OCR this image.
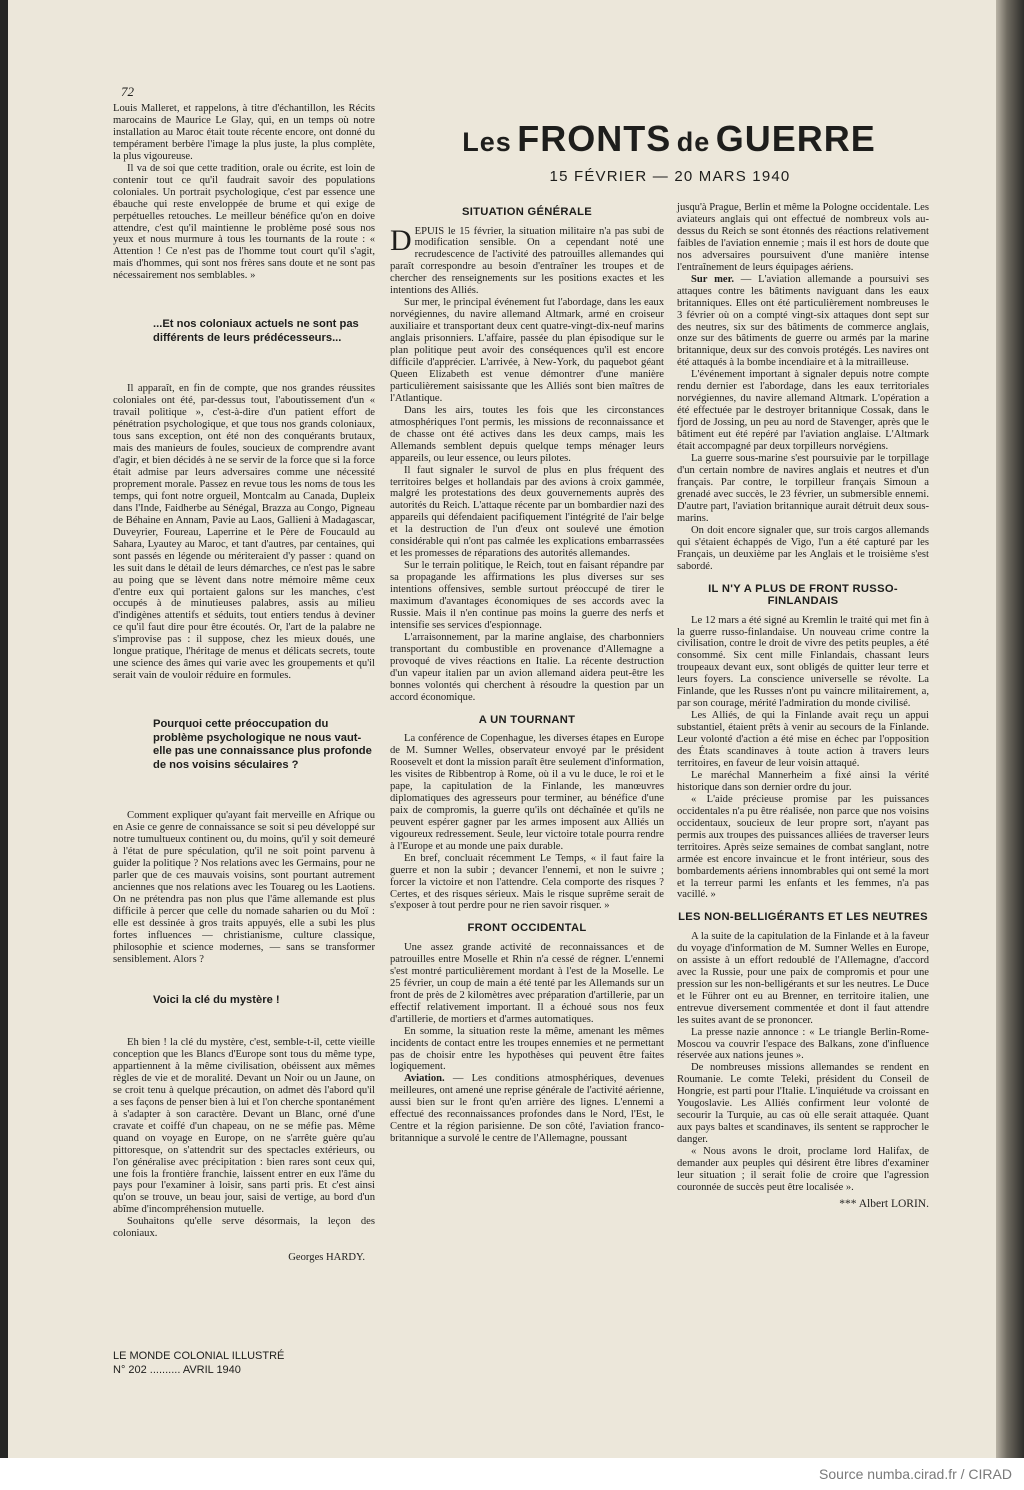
Source numba.cirad.fr / CIRAD
72
Les FRONTS de GUERRE
15 FÉVRIER — 20 MARS 1940

Louis Malleret, et rappelons, à titre d'échantillon, les Récits marocains de Maurice Le Glay, qui, en un temps où notre installation au Maroc était toute récente encore, ont donné du tempérament berbère l'image la plus juste, la plus complète, la plus vigoureuse.

Il va de soi que cette tradition, orale ou écrite, est loin de contenir tout ce qu'il faudrait savoir des populations coloniales. Un portrait psychologique, c'est par essence une ébauche qui reste enveloppée de brume et qui exige de perpétuelles retouches. Le meilleur bénéfice qu'on en doive attendre, c'est qu'il maintienne le problème posé sous nos yeux et nous murmure à tous les tournants de la route : « Attention ! Ce n'est pas de l'homme tout court qu'il s'agit, mais d'hommes, qui sont nos frères sans doute et ne sont pas nécessairement nos semblables. »

...Et nos coloniaux actuels ne sont pas différents de leurs prédécesseurs...

Il apparaît, en fin de compte, que nos grandes réussites coloniales ont été, par-dessus tout, l'aboutissement d'un « travail politique », c'est-à-dire d'un patient effort de pénétration psychologique, et que tous nos grands coloniaux, tous sans exception, ont été non des conquérants brutaux, mais des manieurs de foules, soucieux de comprendre avant d'agir, et bien décidés à ne se servir de la force que si la force était admise par leurs adversaires comme une nécessité proprement morale. Passez en revue tous les noms de tous les temps, qui font notre orgueil, Montcalm au Canada, Dupleix dans l'Inde, Faidherbe au Sénégal, Brazza au Congo, Pigneau de Béhaine en Annam, Pavie au Laos, Gallieni à Madagascar, Duveyrier, Foureau, Laperrine et le Père de Foucauld au Sahara, Lyautey au Maroc, et tant d'autres, par centaines, qui sont passés en légende ou mériteraient d'y passer : quand on les suit dans le détail de leurs démarches, ce n'est pas le sabre au poing que se lèvent dans notre mémoire même ceux d'entre eux qui portaient galons sur les manches, c'est occupés à de minutieuses palabres, assis au milieu d'indigènes attentifs et séduits, tout entiers tendus à deviner ce qu'il faut dire pour être écoutés. Or, l'art de la palabre ne s'improvise pas : il suppose, chez les mieux doués, une longue pratique, l'héritage de menus et délicats secrets, toute une science des âmes qui varie avec les groupements et qu'il serait vain de vouloir réduire en formules.

Pourquoi cette préoccupation du problème psychologique ne nous vaut-elle pas une connaissance plus profonde de nos voisins séculaires ?

Comment expliquer qu'ayant fait merveille en Afrique ou en Asie ce genre de connaissance se soit si peu développé sur notre tumultueux continent ou, du moins, qu'il y soit demeuré à l'état de pure spéculation, qu'il ne soit point parvenu à guider la politique ? Nos relations avec les Germains, pour ne parler que de ces mauvais voisins, sont pourtant autrement anciennes que nos relations avec les Touareg ou les Laotiens. On ne prétendra pas non plus que l'âme allemande est plus difficile à percer que celle du nomade saharien ou du Moï : elle est dessinée à gros traits appuyés, elle a subi les plus fortes influences — christianisme, culture classique, philosophie et science modernes, — sans se transformer sensiblement. Alors ?

Voici la clé du mystère !

Eh bien ! la clé du mystère, c'est, semble-t-il, cette vieille conception que les Blancs d'Europe sont tous du même type, appartiennent à la même civilisation, obéissent aux mêmes règles de vie et de moralité. Devant un Noir ou un Jaune, on se croit tenu à quelque précaution, on admet dès l'abord qu'il a ses façons de penser bien à lui et l'on cherche spontanément à s'adapter à son caractère. Devant un Blanc, orné d'une cravate et coiffé d'un chapeau, on ne se méfie pas. Même quand on voyage en Europe, on ne s'arrête guère qu'au pittoresque, on s'attendrit sur des spectacles extérieurs, ou l'on généralise avec précipitation : bien rares sont ceux qui, une fois la frontière franchie, laissent entrer en eux l'âme du pays pour l'examiner à loisir, sans parti pris. Et c'est ainsi qu'on se trouve, un beau jour, saisi de vertige, au bord d'un abîme d'incompréhension mutuelle.

Souhaitons qu'elle serve désormais, la leçon des coloniaux.

Georges HARDY.
SITUATION GÉNÉRALE

DEPUIS le 15 février, la situation militaire n'a pas subi de modification sensible. On a cependant noté une recrudescence de l'activité des patrouilles allemandes qui paraît correspondre au besoin d'entraîner les troupes et de chercher des renseignements sur les positions exactes et les intentions des Alliés.

Sur mer, le principal événement fut l'abordage, dans les eaux norvégiennes, du navire allemand Altmark, armé en croiseur auxiliaire et transportant deux cent quatre-vingt-dix-neuf marins anglais prisonniers. L'affaire, passée du plan épisodique sur le plan politique peut avoir des conséquences qu'il est encore difficile d'apprécier. L'arrivée, à New-York, du paquebot géant Queen Elizabeth est venue démontrer d'une manière particulièrement saisissante que les Alliés sont bien maîtres de l'Atlantique.

Dans les airs, toutes les fois que les circonstances atmosphériques l'ont permis, les missions de reconnaissance et de chasse ont été actives dans les deux camps, mais les Allemands semblent depuis quelque temps ménager leurs appareils, ou leur essence, ou leurs pilotes.

Il faut signaler le survol de plus en plus fréquent des territoires belges et hollandais par des avions à croix gammée, malgré les protestations des deux gouvernements auprès des autorités du Reich. L'attaque récente par un bombardier nazi des appareils qui défendaient pacifiquement l'intégrité de l'air belge et la destruction de l'un d'eux ont soulevé une émotion considérable qui n'ont pas calmée les explications embarrassées et les promesses de réparations des autorités allemandes.

Sur le terrain politique, le Reich, tout en faisant répandre par sa propagande les affirmations les plus diverses sur ses intentions offensives, semble surtout préoccupé de tirer le maximum d'avantages économiques de ses accords avec la Russie. Mais il n'en continue pas moins la guerre des nerfs et intensifie ses services d'espionnage.

L'arraisonnement, par la marine anglaise, des charbonniers transportant du combustible en provenance d'Allemagne a provoqué de vives réactions en Italie. La récente destruction d'un vapeur italien par un avion allemand aidera peut-être les bonnes volontés qui cherchent à résoudre la question par un accord économique.

A UN TOURNANT

La conférence de Copenhague, les diverses étapes en Europe de M. Sumner Welles, observateur envoyé par le président Roosevelt et dont la mission paraît être seulement d'information, les visites de Ribbentrop à Rome, où il a vu le duce, le roi et le pape, la capitulation de la Finlande, les manœuvres diplomatiques des agresseurs pour terminer, au bénéfice d'une paix de compromis, la guerre qu'ils ont déchaînée et qu'ils ne peuvent espérer gagner par les armes imposent aux Alliés un vigoureux redressement. Seule, leur victoire totale pourra rendre à l'Europe et au monde une paix durable.

En bref, concluait récemment Le Temps, « il faut faire la guerre et non la subir ; devancer l'ennemi, et non le suivre ; forcer la victoire et non l'attendre. Cela comporte des risques ? Certes, et des risques sérieux. Mais le risque suprême serait de s'exposer à tout perdre pour ne rien savoir risquer. »

FRONT OCCIDENTAL

Une assez grande activité de reconnaissances et de patrouilles entre Moselle et Rhin n'a cessé de régner. L'ennemi s'est montré particulièrement mordant à l'est de la Moselle. Le 25 février, un coup de main a été tenté par les Allemands sur un front de près de 2 kilomètres avec préparation d'artillerie, par un effectif relativement important. Il a échoué sous nos feux d'artillerie, de mortiers et d'armes automatiques.

En somme, la situation reste la même, amenant les mêmes incidents de contact entre les troupes ennemies et ne permettant pas de choisir entre les hypothèses qui peuvent être faites logiquement.

Aviation. — Les conditions atmosphériques, devenues meilleures, ont amené une reprise générale de l'activité aérienne, aussi bien sur le front qu'en arrière des lignes. L'ennemi a effectué des reconnaissances profondes dans le Nord, l'Est, le Centre et la région parisienne. De son côté, l'aviation franco-britannique a survolé le centre de l'Allemagne, poussant

jusqu'à Prague, Berlin et même la Pologne occidentale. Les aviateurs anglais qui ont effectué de nombreux vols au-dessus du Reich se sont étonnés des réactions relativement faibles de l'aviation ennemie ; mais il est hors de doute que nos adversaires poursuivent d'une manière intense l'entraînement de leurs équipages aériens.

Sur mer. — L'aviation allemande a poursuivi ses attaques contre les bâtiments naviguant dans les eaux britanniques. Elles ont été particulièrement nombreuses le 3 février où on a compté vingt-six attaques dont sept sur des neutres, six sur des bâtiments de commerce anglais, onze sur des bâtiments de guerre ou armés par la marine britannique, deux sur des convois protégés. Les navires ont été attaqués à la bombe incendiaire et à la mitrailleuse.

L'événement important à signaler depuis notre compte rendu dernier est l'abordage, dans les eaux territoriales norvégiennes, du navire allemand Altmark. L'opération a été effectuée par le destroyer britannique Cossak, dans le fjord de Jossing, un peu au nord de Stavenger, après que le bâtiment eut été repéré par l'aviation anglaise. L'Altmark était accompagné par deux torpilleurs norvégiens.

La guerre sous-marine s'est poursuivie par le torpillage d'un certain nombre de navires anglais et neutres et d'un français. Par contre, le torpilleur français Simoun a grenadé avec succès, le 23 février, un submersible ennemi. D'autre part, l'aviation britannique aurait détruit deux sous-marins.

On doit encore signaler que, sur trois cargos allemands qui s'étaient échappés de Vigo, l'un a été capturé par les Français, un deuxième par les Anglais et le troisième s'est sabordé.

IL N'Y A PLUS DE FRONT RUSSO-FINLANDAIS

Le 12 mars a été signé au Kremlin le traité qui met fin à la guerre russo-finlandaise. Un nouveau crime contre la civilisation, contre le droit de vivre des petits peuples, a été consommé. Six cent mille Finlandais, chassant leurs troupeaux devant eux, sont obligés de quitter leur terre et leurs foyers. La conscience universelle se révolte. La Finlande, que les Russes n'ont pu vaincre militairement, a, par son courage, mérité l'admiration du monde civilisé.

Les Alliés, de qui la Finlande avait reçu un appui substantiel, étaient prêts à venir au secours de la Finlande. Leur volonté d'action a été mise en échec par l'opposition des États scandinaves à toute action à travers leurs territoires, en faveur de leur voisin attaqué.

Le maréchal Mannerheim a fixé ainsi la vérité historique dans son dernier ordre du jour.

« L'aide précieuse promise par les puissances occidentales n'a pu être réalisée, non parce que nos voisins occidentaux, soucieux de leur propre sort, n'ayant pas permis aux troupes des puissances alliées de traverser leurs territoires. Après seize semaines de combat sanglant, notre armée est encore invaincue et le front intérieur, sous des bombardements aériens innombrables qui ont semé la mort et la terreur parmi les enfants et les femmes, n'a pas vacillé. »

LES NON-BELLIGÉRANTS ET LES NEUTRES

A la suite de la capitulation de la Finlande et à la faveur du voyage d'information de M. Sumner Welles en Europe, on assiste à un effort redoublé de l'Allemagne, d'accord avec la Russie, pour une paix de compromis et pour une pression sur les non-belligérants et sur les neutres. Le Duce et le Führer ont eu au Brenner, en territoire italien, une entrevue diversement commentée et dont il faut attendre les suites avant de se prononcer.

La presse nazie annonce : « Le triangle Berlin-Rome-Moscou va couvrir l'espace des Balkans, zone d'influence réservée aux nations jeunes ».

De nombreuses missions allemandes se rendent en Roumanie. Le comte Teleki, président du Conseil de Hongrie, est parti pour l'Italie. L'inquiétude va croissant en Yougoslavie. Les Alliés confirment leur volonté de secourir la Turquie, au cas où elle serait attaquée. Quant aux pays baltes et scandinaves, ils sentent se rapprocher le danger.

« Nous avons le droit, proclame lord Halifax, de demander aux peuples qui désirent être libres d'examiner leur situation ; il serait folie de croire que l'agression couronnée de succès peut être localisée ».

*** Albert LORIN.
LE MONDE COLONIAL ILLUSTRÉ
N° 202 .......... AVRIL 1940
